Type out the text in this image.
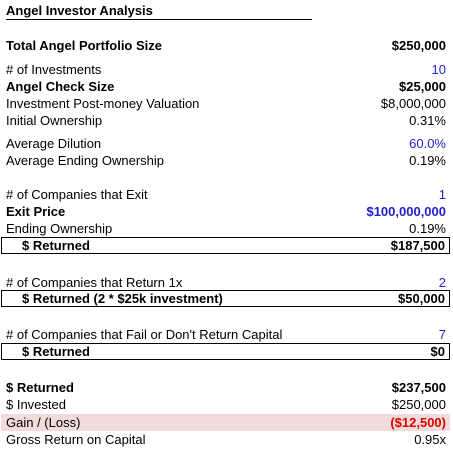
Angel Investor Analysis
Total Angel Portfolio Size	$250,000
# of Investments	10
Angel Check Size	$25,000
Investment Post-money Valuation	$8,000,000
Initial Ownership	0.31%
Average Dilution	60.0%
Average Ending Ownership	0.19%
# of Companies that Exit	1
Exit Price	$100,000,000
Ending Ownership	0.19%
$ Returned	$187,500
# of Companies that Return 1x	2
$ Returned (2 * $25k investment)	$50,000
# of Companies that Fail or Don't Return Capital	7
$ Returned	$0
$ Returned	$237,500
$ Invested	$250,000
Gain / (Loss)	($12,500)
Gross Return on Capital	0.95x
